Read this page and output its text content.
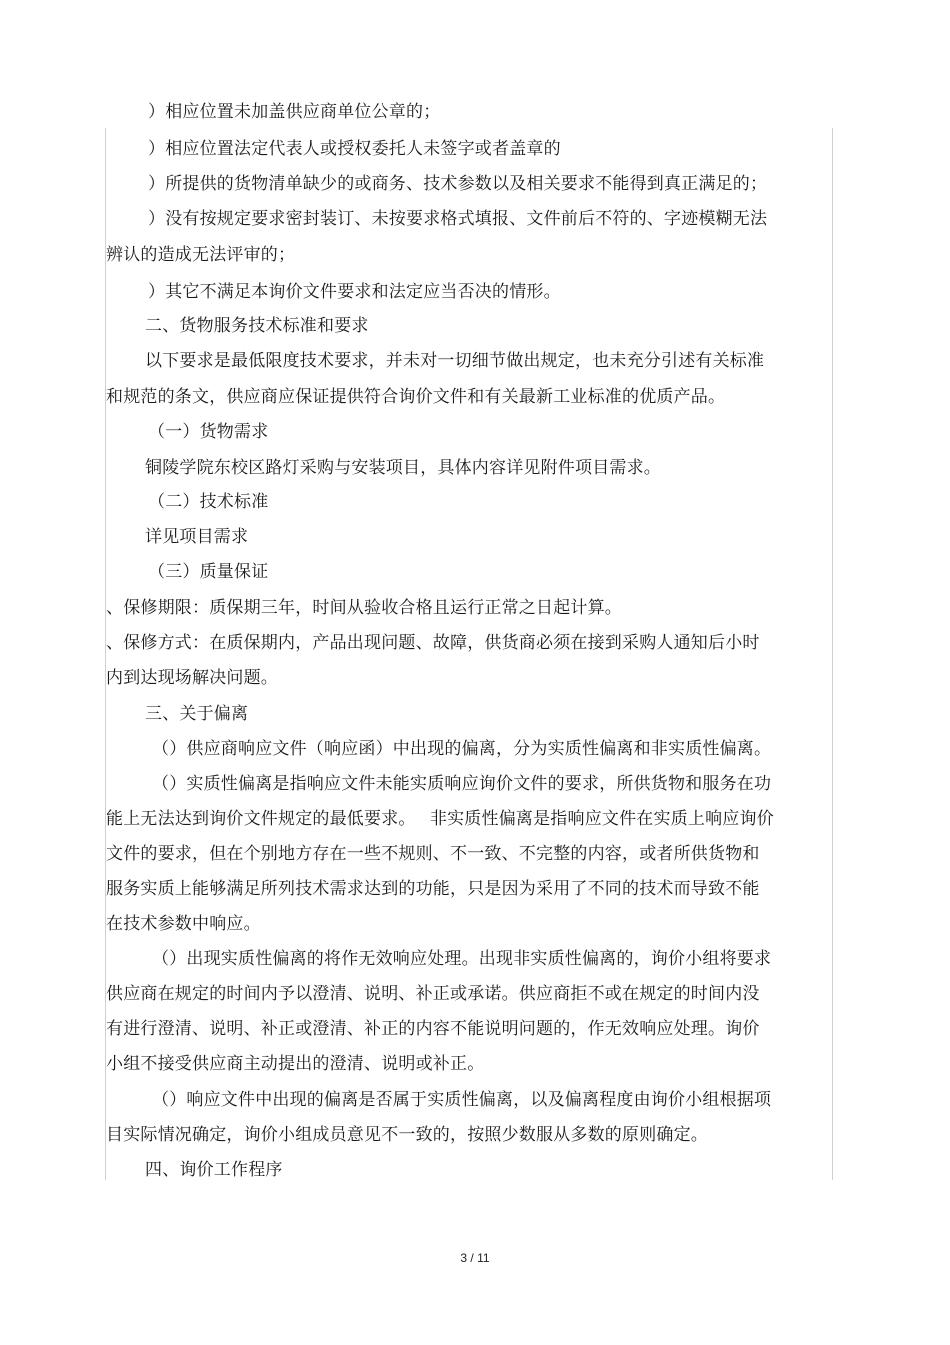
）相应位置未加盖供应商单位公章的；
）相应位置法定代表人或授权委托人未签字或者盖章的
）所提供的货物清单缺少的或商务、技术参数以及相关要求不能得到真正满足的；
）没有按规定要求密封装订、未按要求格式填报、文件前后不符的、字迹模糊无法
辨认的造成无法评审的；
）其它不满足本询价文件要求和法定应当否决的情形。
二、货物服务技术标准和要求
以下要求是最低限度技术要求，并未对一切细节做出规定，也未充分引述有关标准
和规范的条文，供应商应保证提供符合询价文件和有关最新工业标准的优质产品。
（一）货物需求
铜陵学院东校区路灯采购与安装项目，具体内容详见附件项目需求。
（二）技术标准
详见项目需求
（三）质量保证
、保修期限：质保期三年，时间从验收合格且运行正常之日起计算。
、保修方式：在质保期内，产品出现问题、故障，供货商必须在接到采购人通知后小时
内到达现场解决问题。
三、关于偏离
（）供应商响应文件（响应函）中出现的偏离，分为实质性偏离和非实质性偏离。
（）实质性偏离是指响应文件未能实质响应询价文件的要求，所供货物和服务在功
能上无法达到询价文件规定的最低要求。　 非实质性偏离是指响应文件在实质上响应询价
文件的要求，但在个别地方存在一些不规则、不一致、不完整的内容，或者所供货物和
服务实质上能够满足所列技术需求达到的功能，只是因为采用了不同的技术而导致不能
在技术参数中响应。
（）出现实质性偏离的将作无效响应处理。出现非实质性偏离的，询价小组将要求
供应商在规定的时间内予以澄清、说明、补正或承诺。供应商拒不或在规定的时间内没
有进行澄清、说明、补正或澄清、补正的内容不能说明问题的，作无效响应处理。询价
小组不接受供应商主动提出的澄清、说明或补正。
（）响应文件中出现的偏离是否属于实质性偏离，以及偏离程度由询价小组根据项
目实际情况确定，询价小组成员意见不一致的，按照少数服从多数的原则确定。
四、询价工作程序
3 / 11
